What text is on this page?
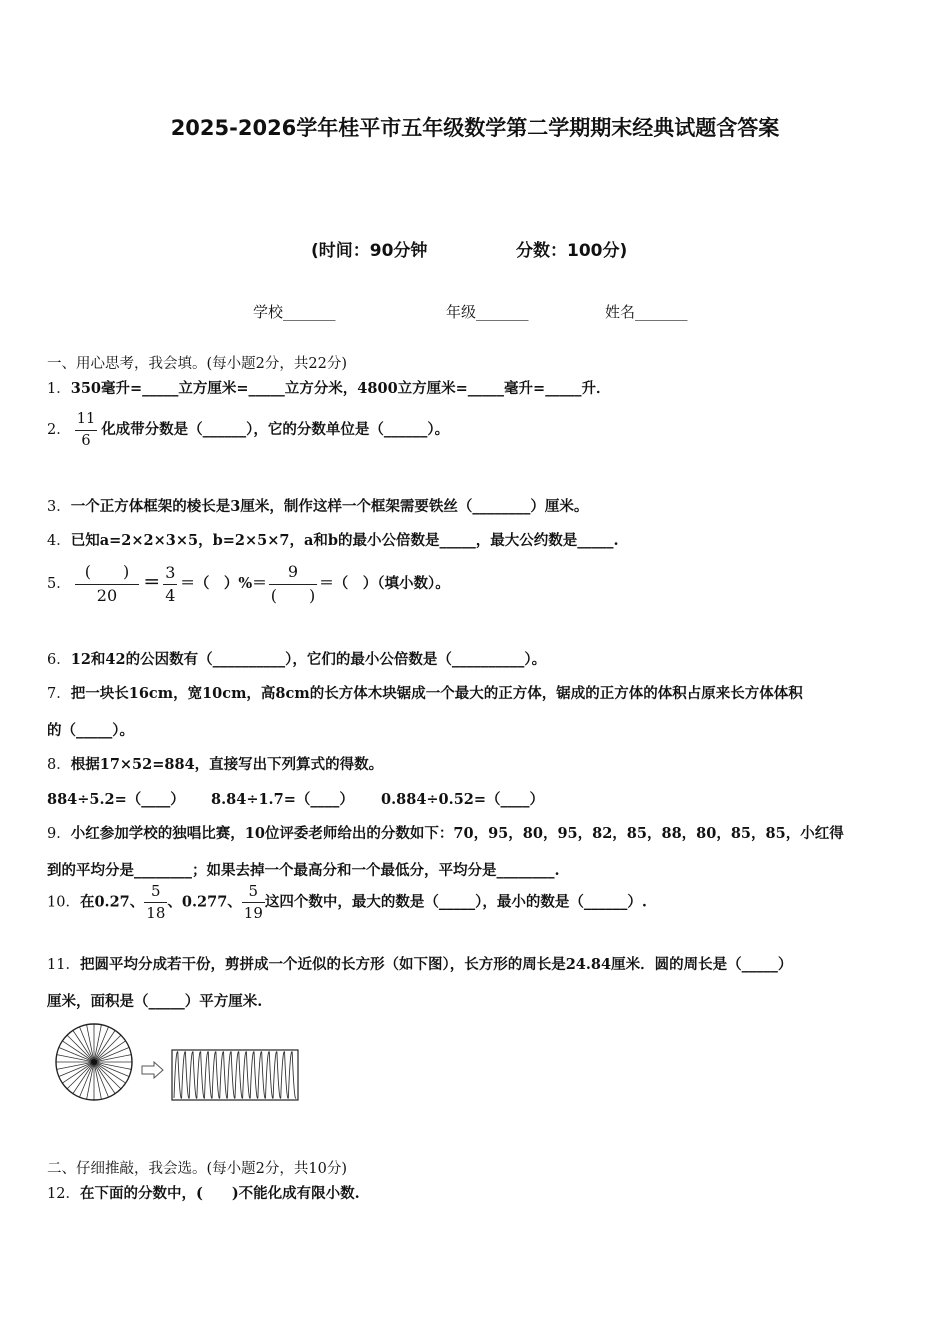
2025-2026学年桂平市五年级数学第二学期期末经典试题含答案
(时间：90分钟	分数：100分)
学校_______	年级_______	姓名_______
一、用心思考，我会填。(每小题2分，共22分)
1．350毫升=_____立方厘米=_____立方分米，4800立方厘米=_____毫升=_____升．
2． $\frac{11}{6}$ 化成带分数是（______），它的分数单位是（______）。
3．一个正方体框架的棱长是3厘米，制作这样一个框架需要铁丝（________）厘米。
4．已知a=2×2×3×5，b=2×5×7，a和b的最小公倍数是_____，最大公约数是_____.
5． $\frac{( )}{20} = \frac{3}{4}$ ＝（　）%＝ $\frac{9}{( )}$ ＝（　）（填小数）。
6．12和42的公因数有（__________），它们的最小公倍数是（__________）。
7．把一块长16cm，宽10cm，高8cm的长方体木块锯成一个最大的正方体，锯成的正方体的体积占原来长方体体积
的（_____）。
8．根据17×52=884，直接写出下列算式的得数。
884÷5.2=（____） 8.84÷1.7=（____） 0.884÷0.52=（____）
9．小红参加学校的独唱比赛，10位评委老师给出的分数如下：70，95，80，95，82，85，88，80，85，85，小红得
到的平均分是________；如果去掉一个最高分和一个最低分，平均分是________.
10．在0.27、 $\frac{5}{18}$ 、0.277、 $\frac{5}{19}$ 这四个数中，最大的数是（_____），最小的数是（______）.
11．把圆平均分成若干份，剪拼成一个近似的长方形（如下图），长方形的周长是24.84厘米．圆的周长是（_____）
厘米，面积是（_____）平方厘米.
二、仔细推敲，我会选。(每小题2分，共10分)
12．在下面的分数中，(　　)不能化成有限小数.
